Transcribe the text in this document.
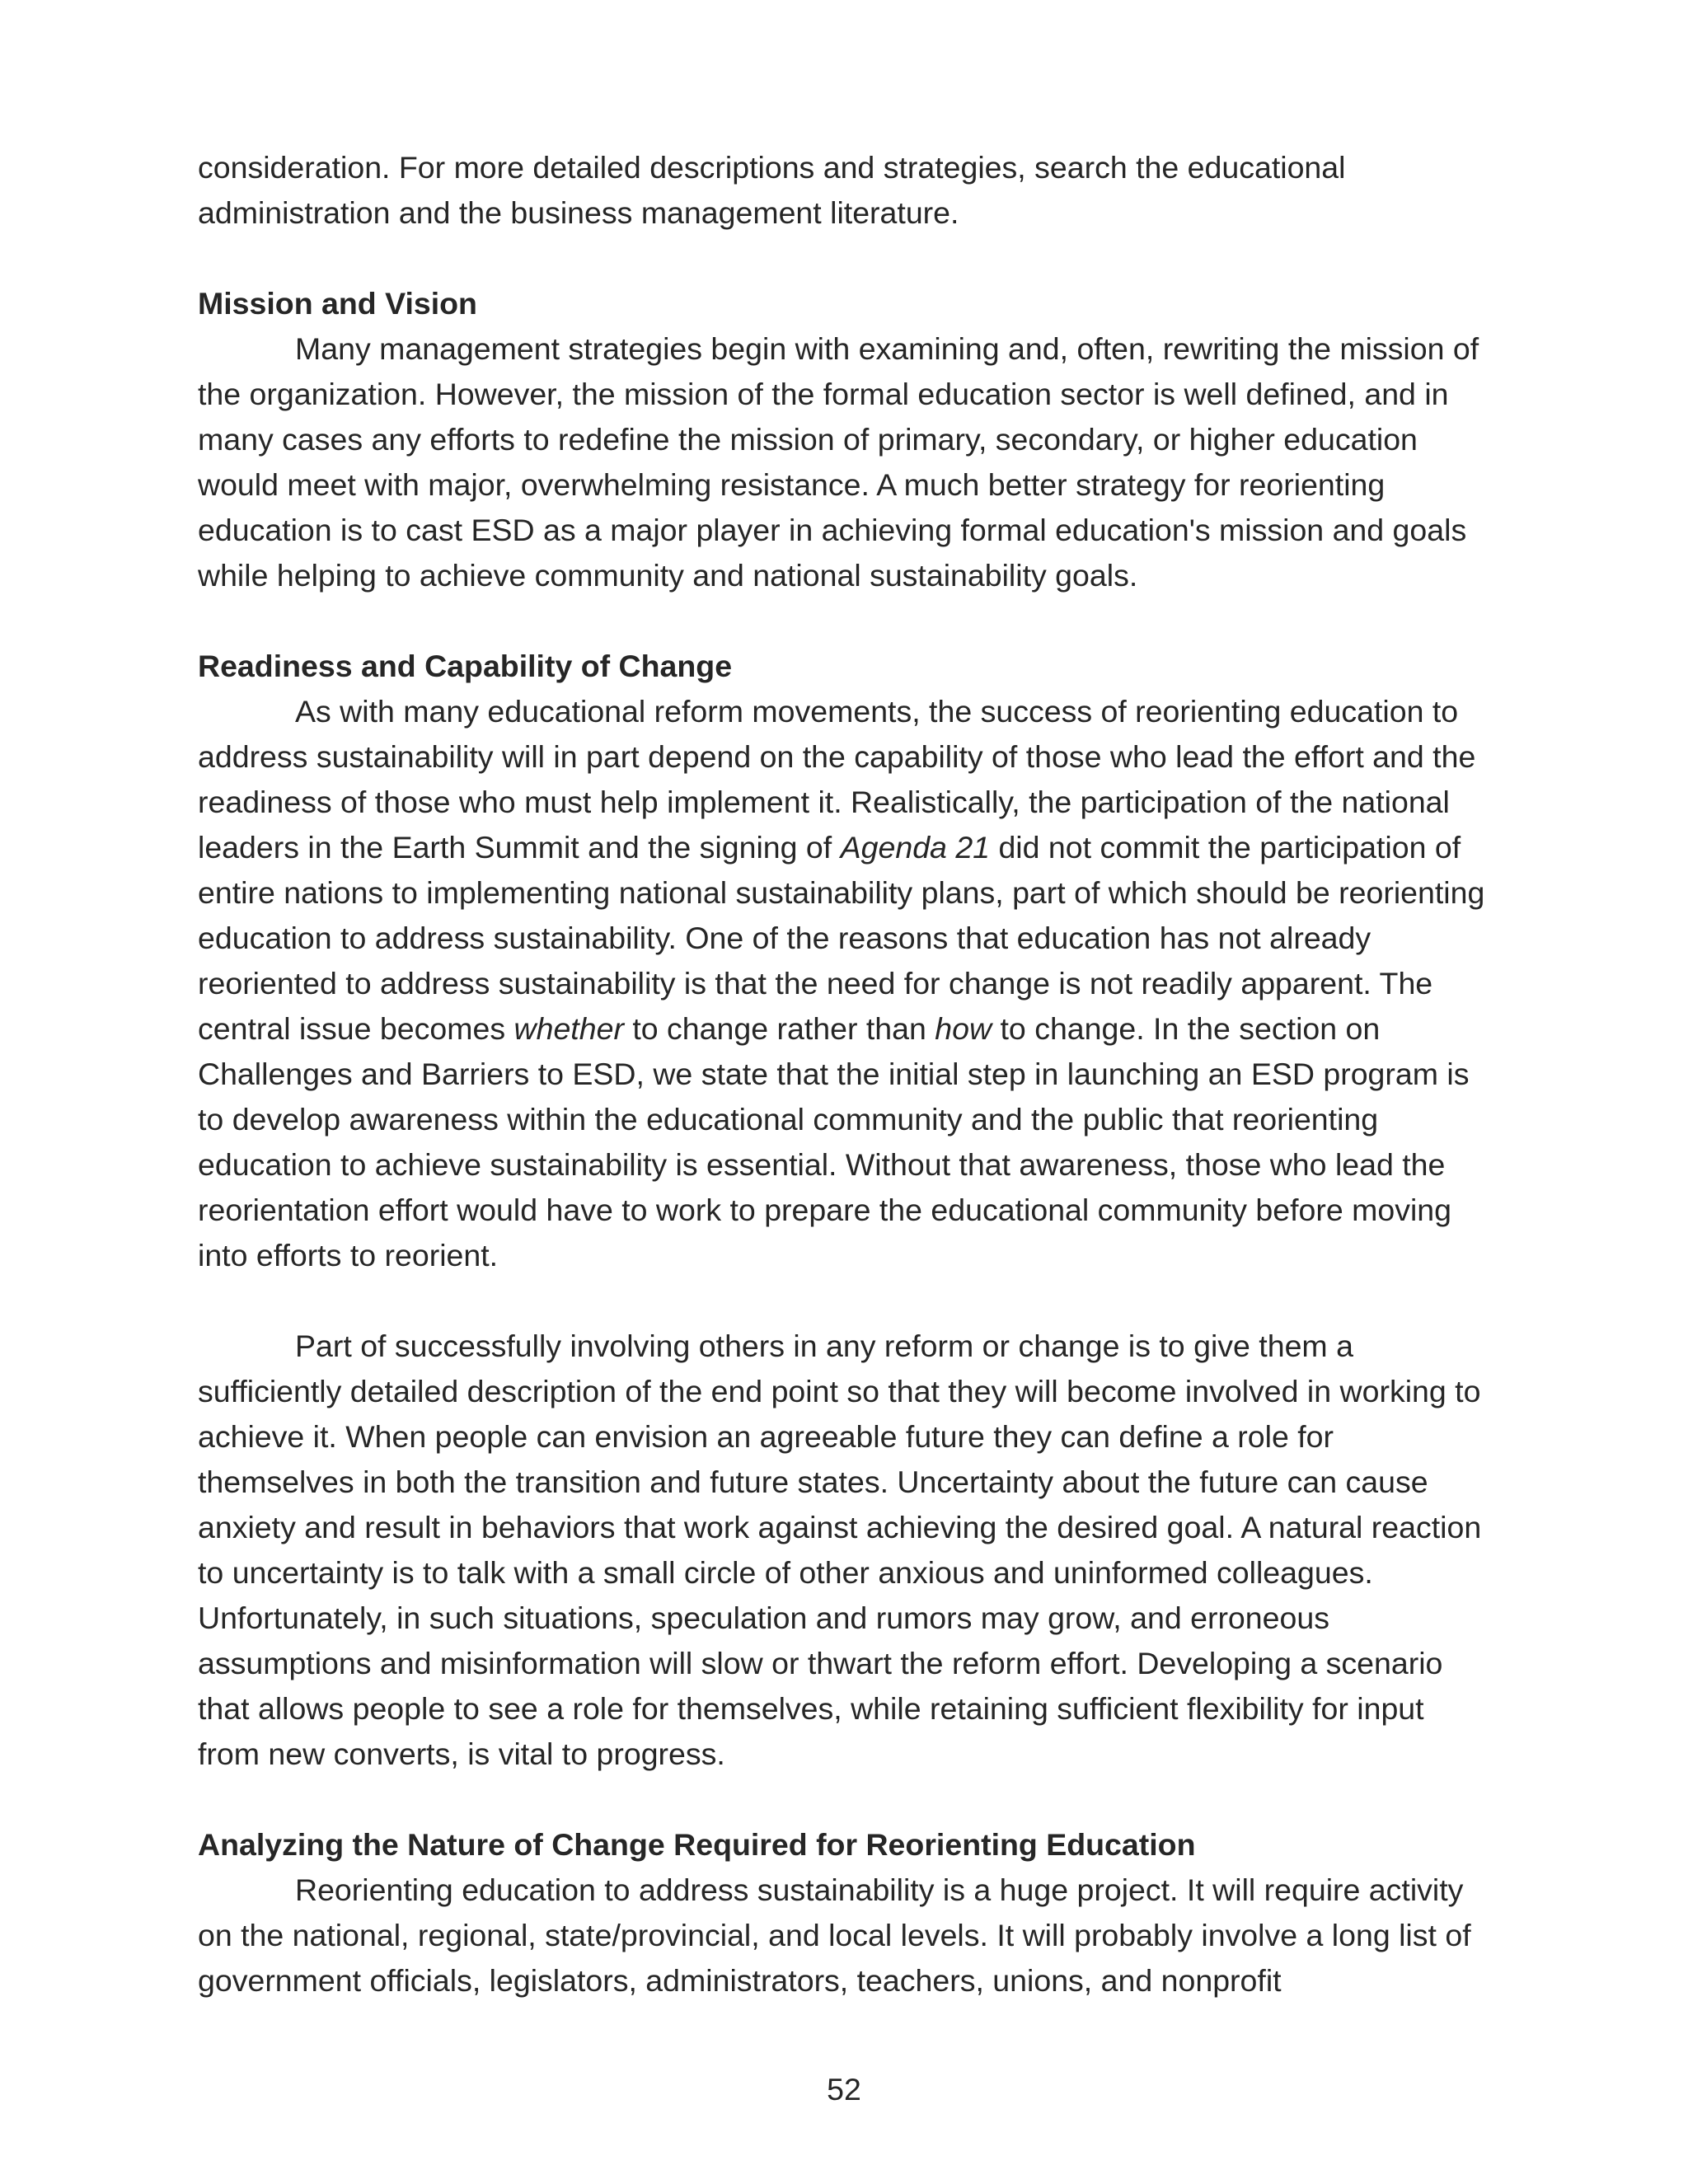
consideration. For more detailed descriptions and strategies, search the educational administration and the business management literature.

Mission and Vision

Many management strategies begin with examining and, often, rewriting the mission of the organization. However, the mission of the formal education sector is well defined, and in many cases any efforts to redefine the mission of primary, secondary, or higher education would meet with major, overwhelming resistance. A much better strategy for reorienting education is to cast ESD as a major player in achieving formal education's mission and goals while helping to achieve community and national sustainability goals.

Readiness and Capability of Change

As with many educational reform movements, the success of reorienting education to address sustainability will in part depend on the capability of those who lead the effort and the readiness of those who must help implement it. Realistically, the participation of the national leaders in the Earth Summit and the signing of Agenda 21 did not commit the participation of entire nations to implementing national sustainability plans, part of which should be reorienting education to address sustainability. One of the reasons that education has not already reoriented to address sustainability is that the need for change is not readily apparent. The central issue becomes whether to change rather than how to change. In the section on Challenges and Barriers to ESD, we state that the initial step in launching an ESD program is to develop awareness within the educational community and the public that reorienting education to achieve sustainability is essential. Without that awareness, those who lead the reorientation effort would have to work to prepare the educational community before moving into efforts to reorient.

Part of successfully involving others in any reform or change is to give them a sufficiently detailed description of the end point so that they will become involved in working to achieve it. When people can envision an agreeable future they can define a role for themselves in both the transition and future states. Uncertainty about the future can cause anxiety and result in behaviors that work against achieving the desired goal. A natural reaction to uncertainty is to talk with a small circle of other anxious and uninformed colleagues. Unfortunately, in such situations, speculation and rumors may grow, and erroneous assumptions and misinformation will slow or thwart the reform effort. Developing a scenario that allows people to see a role for themselves, while retaining sufficient flexibility for input from new converts, is vital to progress.

Analyzing the Nature of Change Required for Reorienting Education

Reorienting education to address sustainability is a huge project. It will require activity on the national, regional, state/provincial, and local levels. It will probably involve a long list of government officials, legislators, administrators, teachers, unions, and nonprofit

52
